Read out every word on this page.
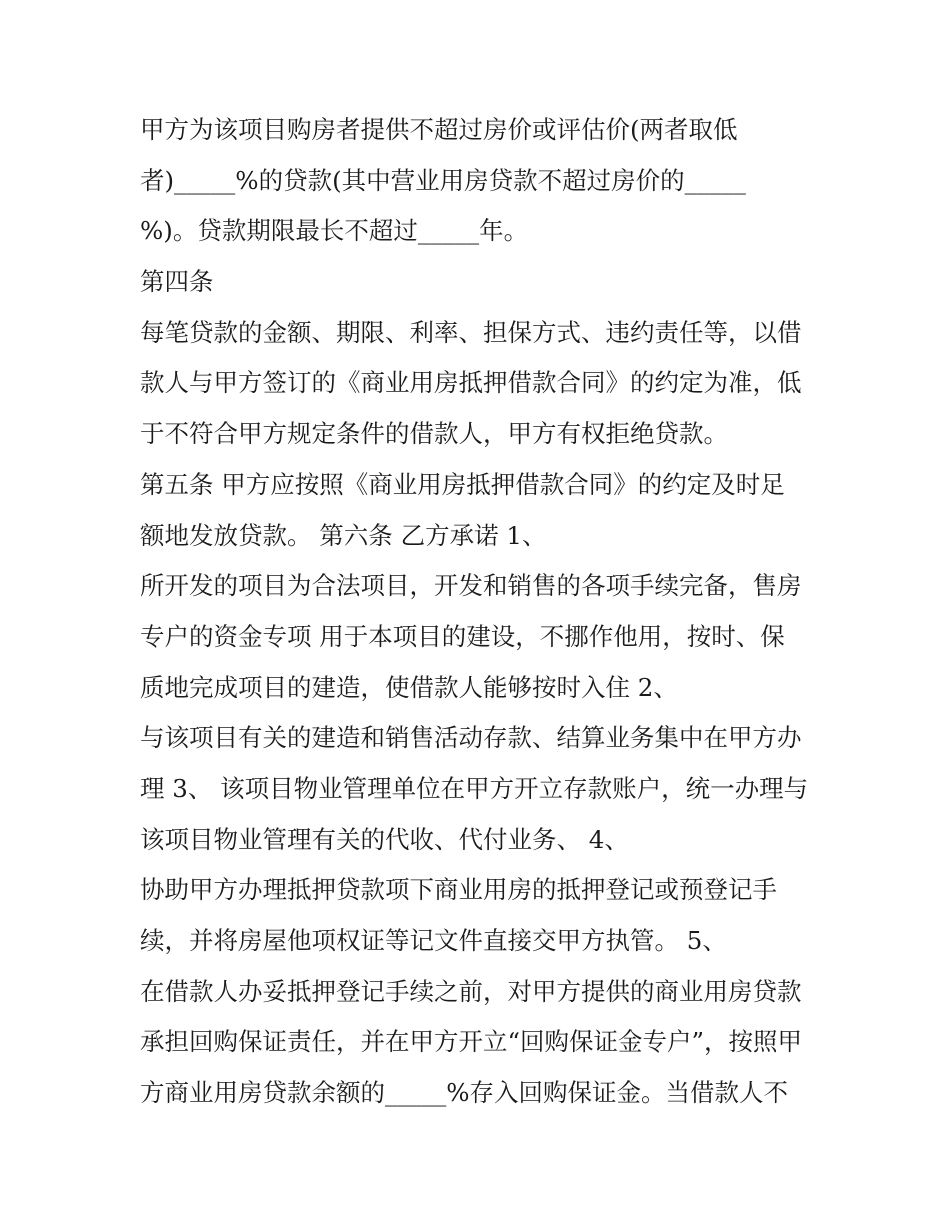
甲方为该项目购房者提供不超过房价或评估价(两者取低
者)_____%的贷款(其中营业用房贷款不超过房价的_____
%)。贷款期限最长不超过_____年。
第四条
每笔贷款的金额、期限、利率、担保方式、违约责任等，以借
款人与甲方签订的《商业用房抵押借款合同》的约定为准，低
于不符合甲方规定条件的借款人，甲方有权拒绝贷款。
第五条 甲方应按照《商业用房抵押借款合同》的约定及时足
额地发放贷款。 第六条 乙方承诺 1、
所开发的项目为合法项目，开发和销售的各项手续完备，售房
专户的资金专项 用于本项目的建设，不挪作他用，按时、保
质地完成项目的建造，使借款人能够按时入住 2、
与该项目有关的建造和销售活动存款、结算业务集中在甲方办
理 3、 该项目物业管理单位在甲方开立存款账户，统一办理与
该项目物业管理有关的代收、代付业务、 4、
协助甲方办理抵押贷款项下商业用房的抵押登记或预登记手
续，并将房屋他项权证等记文件直接交甲方执管。 5、
在借款人办妥抵押登记手续之前，对甲方提供的商业用房贷款
承担回购保证责任，并在甲方开立“回购保证金专户”，按照甲
方商业用房贷款余额的_____%存入回购保证金。当借款人不
